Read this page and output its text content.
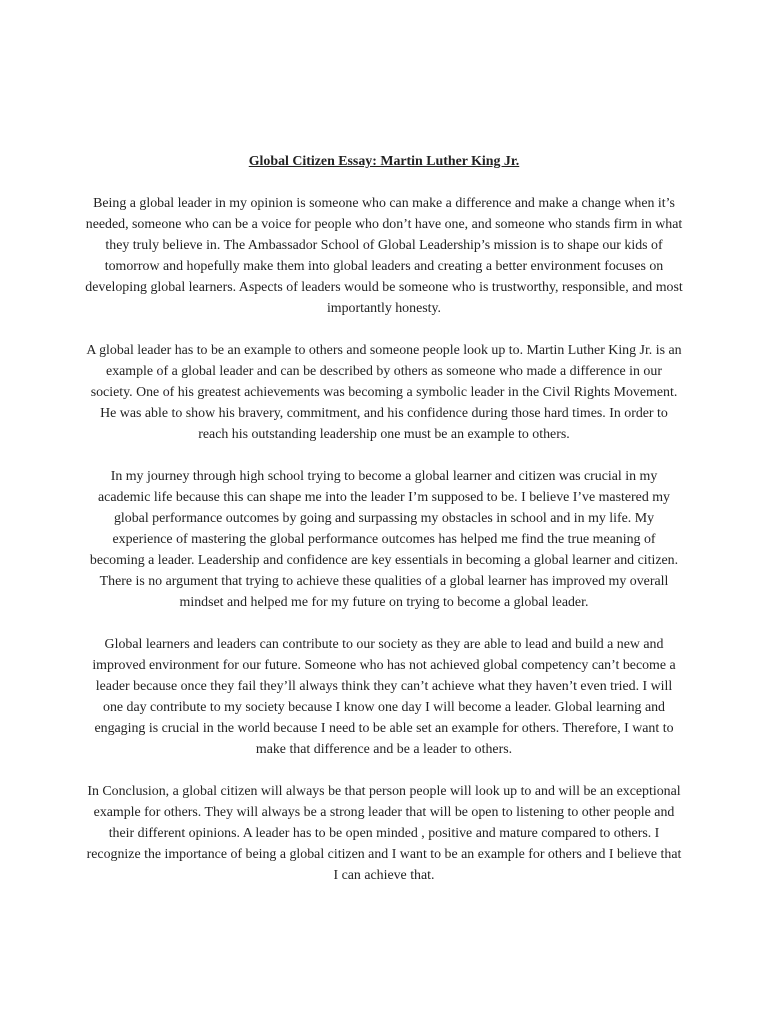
Global Citizen Essay: Martin Luther King Jr.

Being a global leader in my opinion is someone who can make a difference and make a change when it’s needed, someone who can be a voice for people who don’t have one, and someone who stands firm in what they truly believe in. The Ambassador School of Global Leadership’s mission is to shape our kids of tomorrow and hopefully make them into global leaders and creating a better environment focuses on developing global learners. Aspects of leaders would be someone who is trustworthy, responsible, and most importantly honesty.

A global leader has to be an example to others and someone people look up to. Martin Luther King Jr. is an example of a global leader and can be described by others as someone who made a difference in our society. One of his greatest achievements was becoming a symbolic leader in the Civil Rights Movement. He was able to show his bravery, commitment, and his confidence during those hard times. In order to reach his outstanding leadership one must be an example to others.

In my journey through high school trying to become a global learner and citizen was crucial in my academic life because this can shape me into the leader I’m supposed to be. I believe I’ve mastered my global performance outcomes by going and surpassing my obstacles in school and in my life. My experience of mastering the global performance outcomes has helped me find the true meaning of becoming a leader. Leadership and confidence are key essentials in becoming a global learner and citizen. There is no argument that trying to achieve these qualities of a global learner has improved my overall mindset and helped me for my future on trying to become a global leader.

Global learners and leaders can contribute to our society as they are able to lead and build a new and improved environment for our future. Someone who has not achieved global competency can’t become a leader because once they fail they’ll always think they can’t achieve what they haven’t even tried. I will one day contribute to my society because I know one day I will become a leader. Global learning and engaging is crucial in the world because I need to be able set an example for others. Therefore, I want to make that difference and be a leader to others.

In Conclusion, a global citizen will always be that person people will look up to and will be an exceptional example for others. They will always be a strong leader that will be open to listening to other people and their different opinions. A leader has to be open minded , positive and mature compared to others. I recognize the importance of being a global citizen and I want to be an example for others and I believe that I can achieve that.
